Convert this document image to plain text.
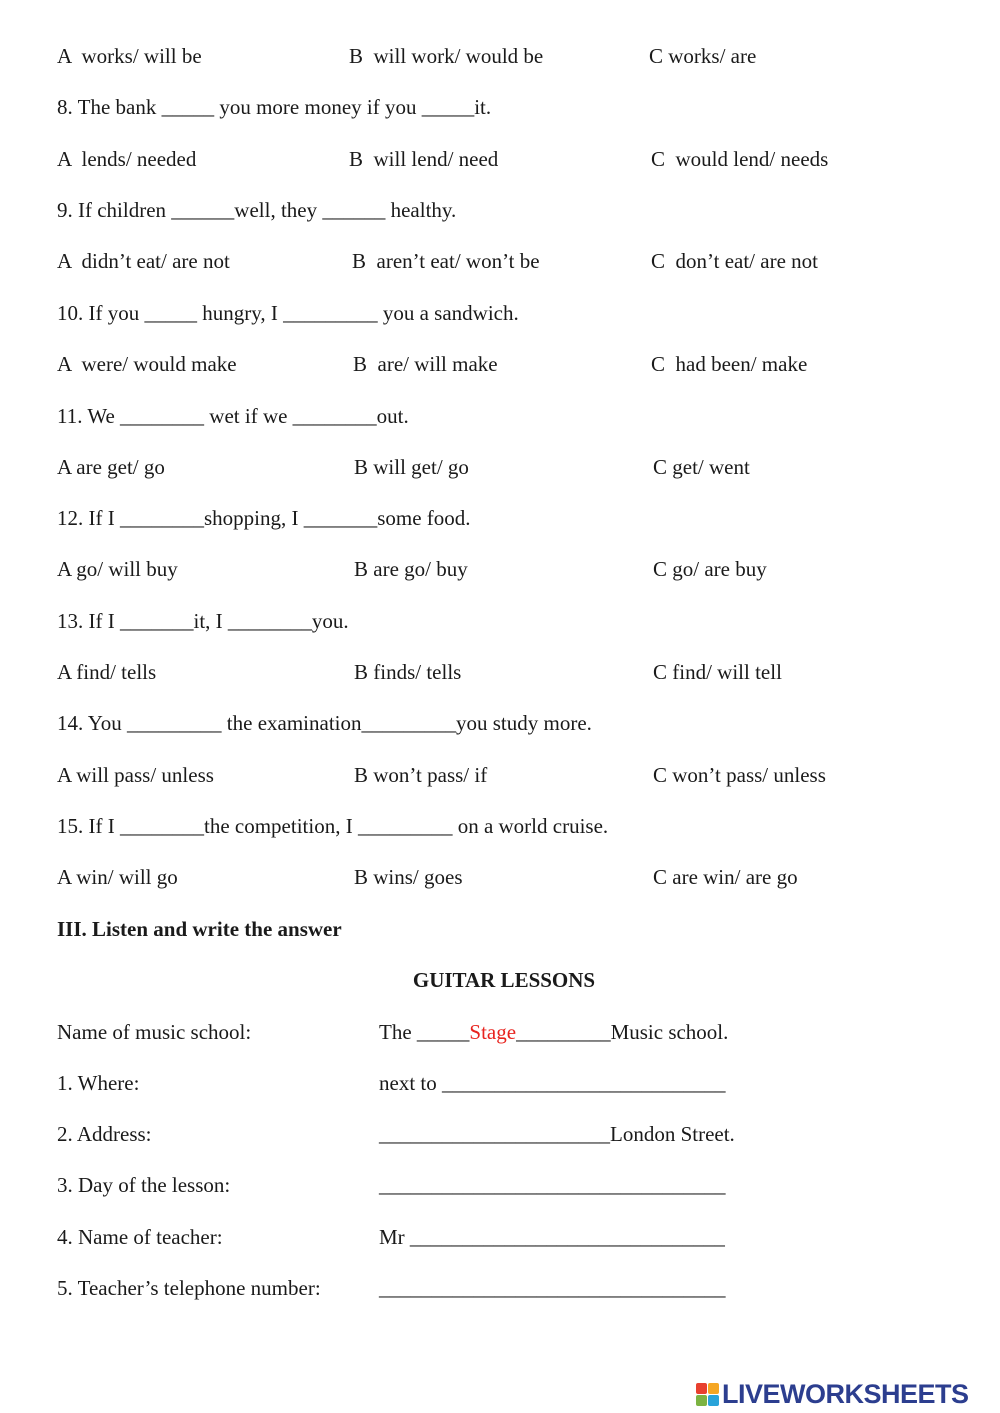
A  works/ will be	B  will work/ would be	C works/ are
8. The bank _____ you more money if you _____it.
A  lends/ needed	B  will lend/ need	C  would lend/ needs
9. If children ______well, they ______ healthy.
A  didn’t eat/ are not	B  aren’t eat/ won’t be	C  don’t eat/ are not
10. If you _____ hungry, I _________ you a sandwich.
A  were/ would make	B  are/ will make	C  had been/ make
11. We ________ wet if we ________out.
A are get/ go	B will get/ go	C get/ went
12. If I ________shopping, I _______some food.
A go/ will buy	B are go/ buy	C go/ are buy
13. If I _______it, I ________you.
A find/ tells	B finds/ tells	C find/ will tell
14. You _________ the examination_________you study more.
A will pass/ unless	B won’t pass/ if	C won’t pass/ unless
15. If I ________the competition, I _________ on a world cruise.
A win/ will go	B wins/ goes	C are win/ are go
III. Listen and write the answer
GUITAR LESSONS
Name of music school:	The _____Stage_________Music school.
1. Where:	next to ___________________________
2. Address:	______________________London Street.
3. Day of the lesson:	_________________________________
4. Name of teacher:	Mr ______________________________
5. Teacher’s telephone number:	_________________________________
LIVEWORKSHEETS
